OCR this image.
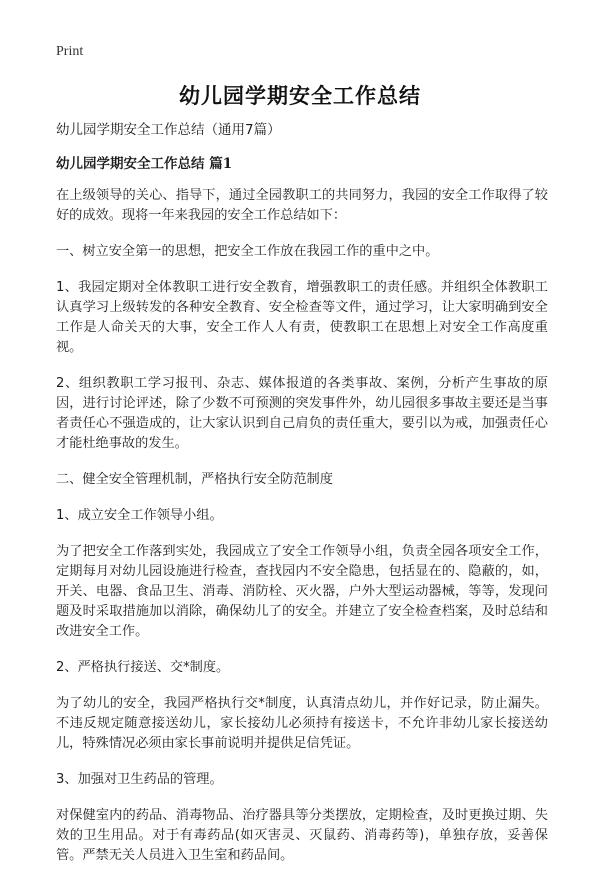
Print
幼儿园学期安全工作总结

幼儿园学期安全工作总结（通用7篇）

幼儿园学期安全工作总结 篇1

在上级领导的关心、指导下，通过全园教职工的共同努力，我园的安全工作取得了较好的成效。现将一年来我园的安全工作总结如下：

一、树立安全第一的思想，把安全工作放在我园工作的重中之中。

1、我园定期对全体教职工进行安全教育，增强教职工的责任感。并组织全体教职工认真学习上级转发的各种安全教育、安全检查等文件，通过学习，让大家明确到安全工作是人命关天的大事，安全工作人人有责，使教职工在思想上对安全工作高度重视。

2、组织教职工学习报刊、杂志、媒体报道的各类事故、案例，分析产生事故的原因，进行讨论评述，除了少数不可预测的突发事件外，幼儿园很多事故主要还是当事者责任心不强造成的，让大家认识到自己肩负的责任重大，要引以为戒，加强责任心才能杜绝事故的发生。

二、健全安全管理机制，严格执行安全防范制度

1、成立安全工作领导小组。

为了把安全工作落到实处，我园成立了安全工作领导小组，负责全园各项安全工作，定期每月对幼儿园设施进行检查，查找园内不安全隐患，包括显在的、隐蔽的，如，开关、电器、食品卫生、消毒、消防栓、灭火器，户外大型运动器械，等等，发现问题及时采取措施加以消除，确保幼儿了的安全。并建立了安全检查档案，及时总结和改进安全工作。

2、严格执行接送、交*制度。

为了幼儿的安全，我园严格执行交*制度，认真清点幼儿，并作好记录，防止漏失。不违反规定随意接送幼儿，家长接幼儿必须持有接送卡，不允许非幼儿家长接送幼儿，特殊情况必须由家长事前说明并提供足信凭证。

3、加强对卫生药品的管理。

对保健室内的药品、消毒物品、治疗器具等分类摆放，定期检查，及时更换过期、失效的卫生用品。对于有毒药品(如灭害灵、灭鼠药、消毒药等)，单独存放，妥善保管。严禁无关人员进入卫生室和药品间。
